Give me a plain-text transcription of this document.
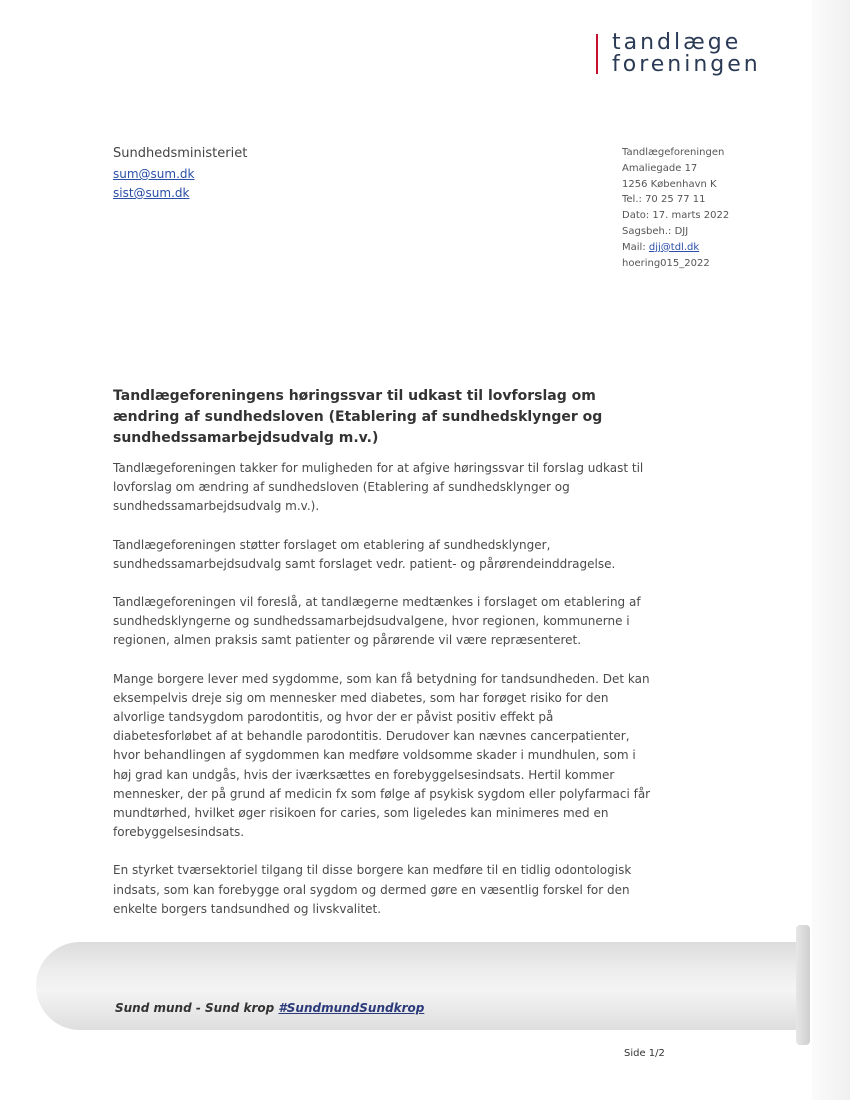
tandlæge
foreningen
Sundhedsministeriet
sum@sum.dk
sist@sum.dk
Tandlægeforeningen
Amaliegade 17
1256 København K
Tel.: 70 25 77 11
Dato: 17. marts 2022
Sagsbeh.: DJJ
Mail: djj@tdl.dk
hoering015_2022
Tandlægeforeningens høringssvar til udkast til lovforslag om ændring af sundhedsloven (Etablering af sundhedsklynger og sundhedssamarbejdsudvalg m.v.)

Tandlægeforeningen takker for muligheden for at afgive høringssvar til forslag udkast til lovforslag om ændring af sundhedsloven (Etablering af sundhedsklynger og sundhedssamarbejdsudvalg m.v.).

Tandlægeforeningen støtter forslaget om etablering af sundhedsklynger, sundhedssamarbejdsudvalg samt forslaget vedr. patient- og pårørendeinddragelse.

Tandlægeforeningen vil foreslå, at tandlægerne medtænkes i forslaget om etablering af sundhedsklyngerne og sundhedssamarbejdsudvalgene, hvor regionen, kommunerne i regionen, almen praksis samt patienter og pårørende vil være repræsenteret.

Mange borgere lever med sygdomme, som kan få betydning for tandsundheden. Det kan eksempelvis dreje sig om mennesker med diabetes, som har forøget risiko for den alvorlige tandsygdom parodontitis, og hvor der er påvist positiv effekt på diabetesforløbet af at behandle parodontitis. Derudover kan nævnes cancerpatienter, hvor behandlingen af sygdommen kan medføre voldsomme skader i mundhulen, som i høj grad kan undgås, hvis der iværksættes en forebyggelsesindsats. Hertil kommer mennesker, der på grund af medicin fx som følge af psykisk sygdom eller polyfarmaci får mundtørhed, hvilket øger risikoen for caries, som ligeledes kan minimeres med en forebyggelsesindsats.

En styrket tværsektoriel tilgang til disse borgere kan medføre til en tidlig odontologisk indsats, som kan forebygge oral sygdom og dermed gøre en væsentlig forskel for den enkelte borgers tandsundhed og livskvalitet.

Sund mund - Sund krop #SundmundSundkrop
Side 1/2
